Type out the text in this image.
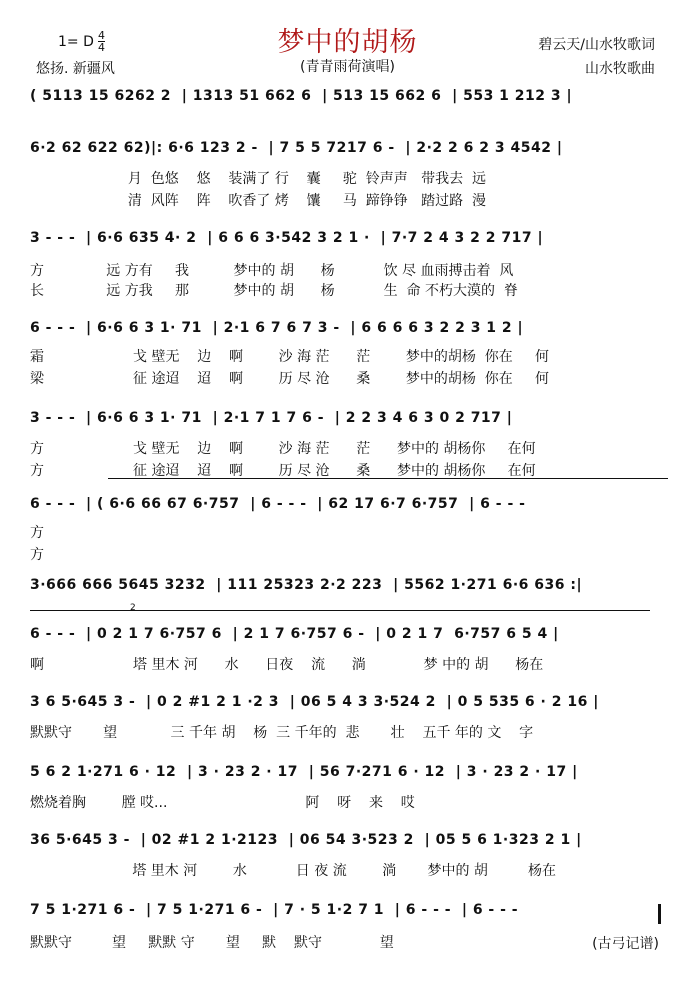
1= D 4
4	梦中的胡杨
悠扬. 新疆风	(青青雨荷演唱)
碧云天/山水牧歌词
山水牧歌曲
( 5113 15 6262 2  | 1313 51 662 6  | 513 15 662 6  | 553 1 212 3 |
6·2 62 622 62)|: 6·6 123 2 -  | 7 5 5 7217 6 -  | 2·2 2 6 2 3 4542 |
月  色悠    悠    装满了 行    囊     驼  铃声声   带我去  远
清  风阵    阵    吹香了 烤    馕     马  蹄铮铮   踏过路  漫
3 - - -  | 6·6 635 4· 2  | 6 6 6 3·542 3 2 1 ·  | 7·7 2 4 3 2 2 717 |
方              远 方有     我          梦中的 胡      杨           饮 尽 血雨搏击着  风
长              远 方我     那          梦中的 胡      杨           生  命 不朽大漠的  脊
6 - - -  | 6·6 6 3 1· 71  | 2·1 6 7 6 7 3 -  | 6 6 6 6 3 2 2 3 1 2 |
霜                    戈 壁无    边    啊        沙 海 茫      茫        梦中的胡杨  你在     何
梁                    征 途迢    迢    啊        历 尽 沧      桑        梦中的胡杨  你在     何
3 - - -  | 6·6 6 3 1· 71  | 2·1 7 1 7 6 -  | 2 2 3 4 6 3 0 2 717 |
方                    戈 壁无    边    啊        沙 海 茫      茫      梦中的 胡杨你     在何
方                    征 途迢    迢    啊        历 尽 沧      桑      梦中的 胡杨你     在何
6 - - -  | ( 6·6 66 67 6·757  | 6 - - -  | 62 17 6·7 6·757  | 6 - - -
方
方
3·666 666 5645 3232  | 111 25323 2·2 223  | 5562 1·271 6·6 636 :|
2
6 - - -  | 0 2 1 7 6·757 6  | 2 1 7 6·757 6 -  | 0 2 1 7  6·757 6 5 4 |
啊                    塔 里木 河      水      日夜    流      淌             梦 中的 胡      杨在
3 6 5·645 3 -  | 0 2 #1 2 1 ·2 3  | 06 5 4 3 3·524 2  | 0 5 535 6 · 2 16 |
默默守       望            三 千年 胡    杨  三 千年的  悲       壮    五千 年的 文    字
5 6 2 1·271 6 · 12  | 3 · 23 2 · 17  | 56 7·271 6 · 12  | 3 · 23 2 · 17 |
燃烧着胸        膛 哎...                               阿    呀    来    哎
36 5·645 3 -  | 02 #1 2 1·2123  | 06 54 3·523 2  | 05 5 6 1·323 2 1 |
塔 里木 河        水           日 夜 流        淌       梦中的 胡         杨在
7 5 1·271 6 -  | 7 5 1·271 6 -  | 7 · 5 1·2 7 1  | 6 - - -  | 6 - - -
默默守         望     默默 守       望     默    默守             望	(古弓记谱)
